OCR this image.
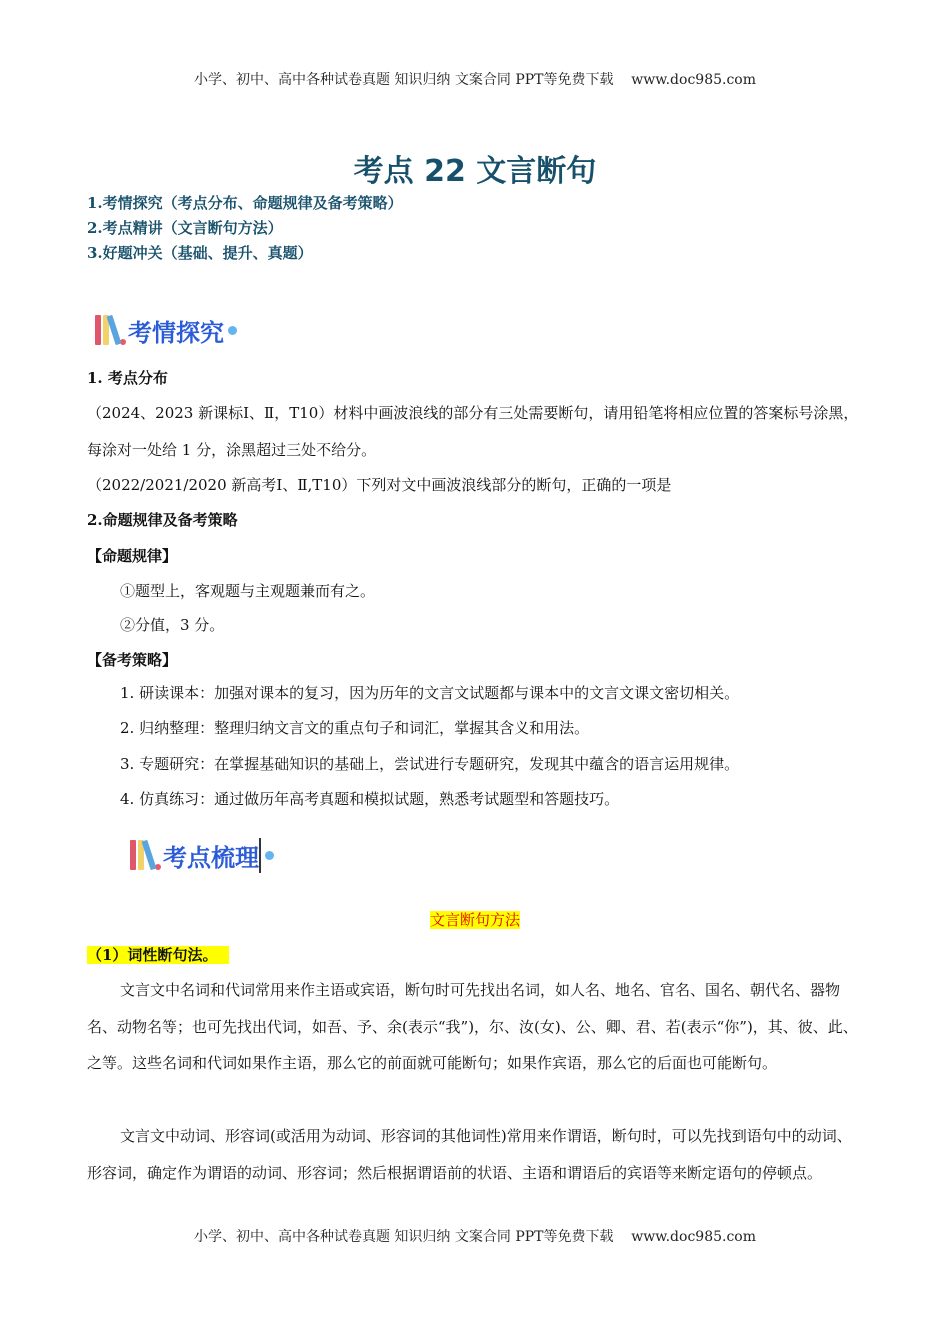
小学、初中、高中各种试卷真题 知识归纳 文案合同 PPT等免费下载    www.doc985.com
考点 22 文言断句
1.考情探究（考点分布、命题规律及备考策略）
2.考点精讲（文言断句方法）
3.好题冲关（基础、提升、真题）
考情探究
1. 考点分布
（2024、2023 新课标Ⅰ、Ⅱ，T10）材料中画波浪线的部分有三处需要断句，请用铅笔将相应位置的答案标号涂黑，每涂对一处给 1 分，涂黑超过三处不给分。
（2022/2021/2020 新高考Ⅰ、Ⅱ,T10）下列对文中画波浪线部分的断句，正确的一项是
2.命题规律及备考策略
【命题规律】
①题型上，客观题与主观题兼而有之。
②分值，3 分。
【备考策略】
1. 研读课本：加强对课本的复习，因为历年的文言文试题都与课本中的文言文课文密切相关。
2. 归纳整理：整理归纳文言文的重点句子和词汇，掌握其含义和用法。
3. 专题研究：在掌握基础知识的基础上，尝试进行专题研究，发现其中蕴含的语言运用规律。
4. 仿真练习：通过做历年高考真题和模拟试题，熟悉考试题型和答题技巧。
考点梳理
文言断句方法
（1）词性断句法。
文言文中名词和代词常用来作主语或宾语，断句时可先找出名词，如人名、地名、官名、国名、朝代名、器物名、动物名等；也可先找出代词，如吾、予、余(表示“我”)，尔、汝(女)、公、卿、君、若(表示“你”)，其、彼、此、之等。这些名词和代词如果作主语，那么它的前面就可能断句；如果作宾语，那么它的后面也可能断句。
文言文中动词、形容词(或活用为动词、形容词的其他词性)常用来作谓语，断句时，可以先找到语句中的动词、形容词，确定作为谓语的动词、形容词；然后根据谓语前的状语、主语和谓语后的宾语等来断定语句的停顿点。
小学、初中、高中各种试卷真题 知识归纳 文案合同 PPT等免费下载    www.doc985.com
